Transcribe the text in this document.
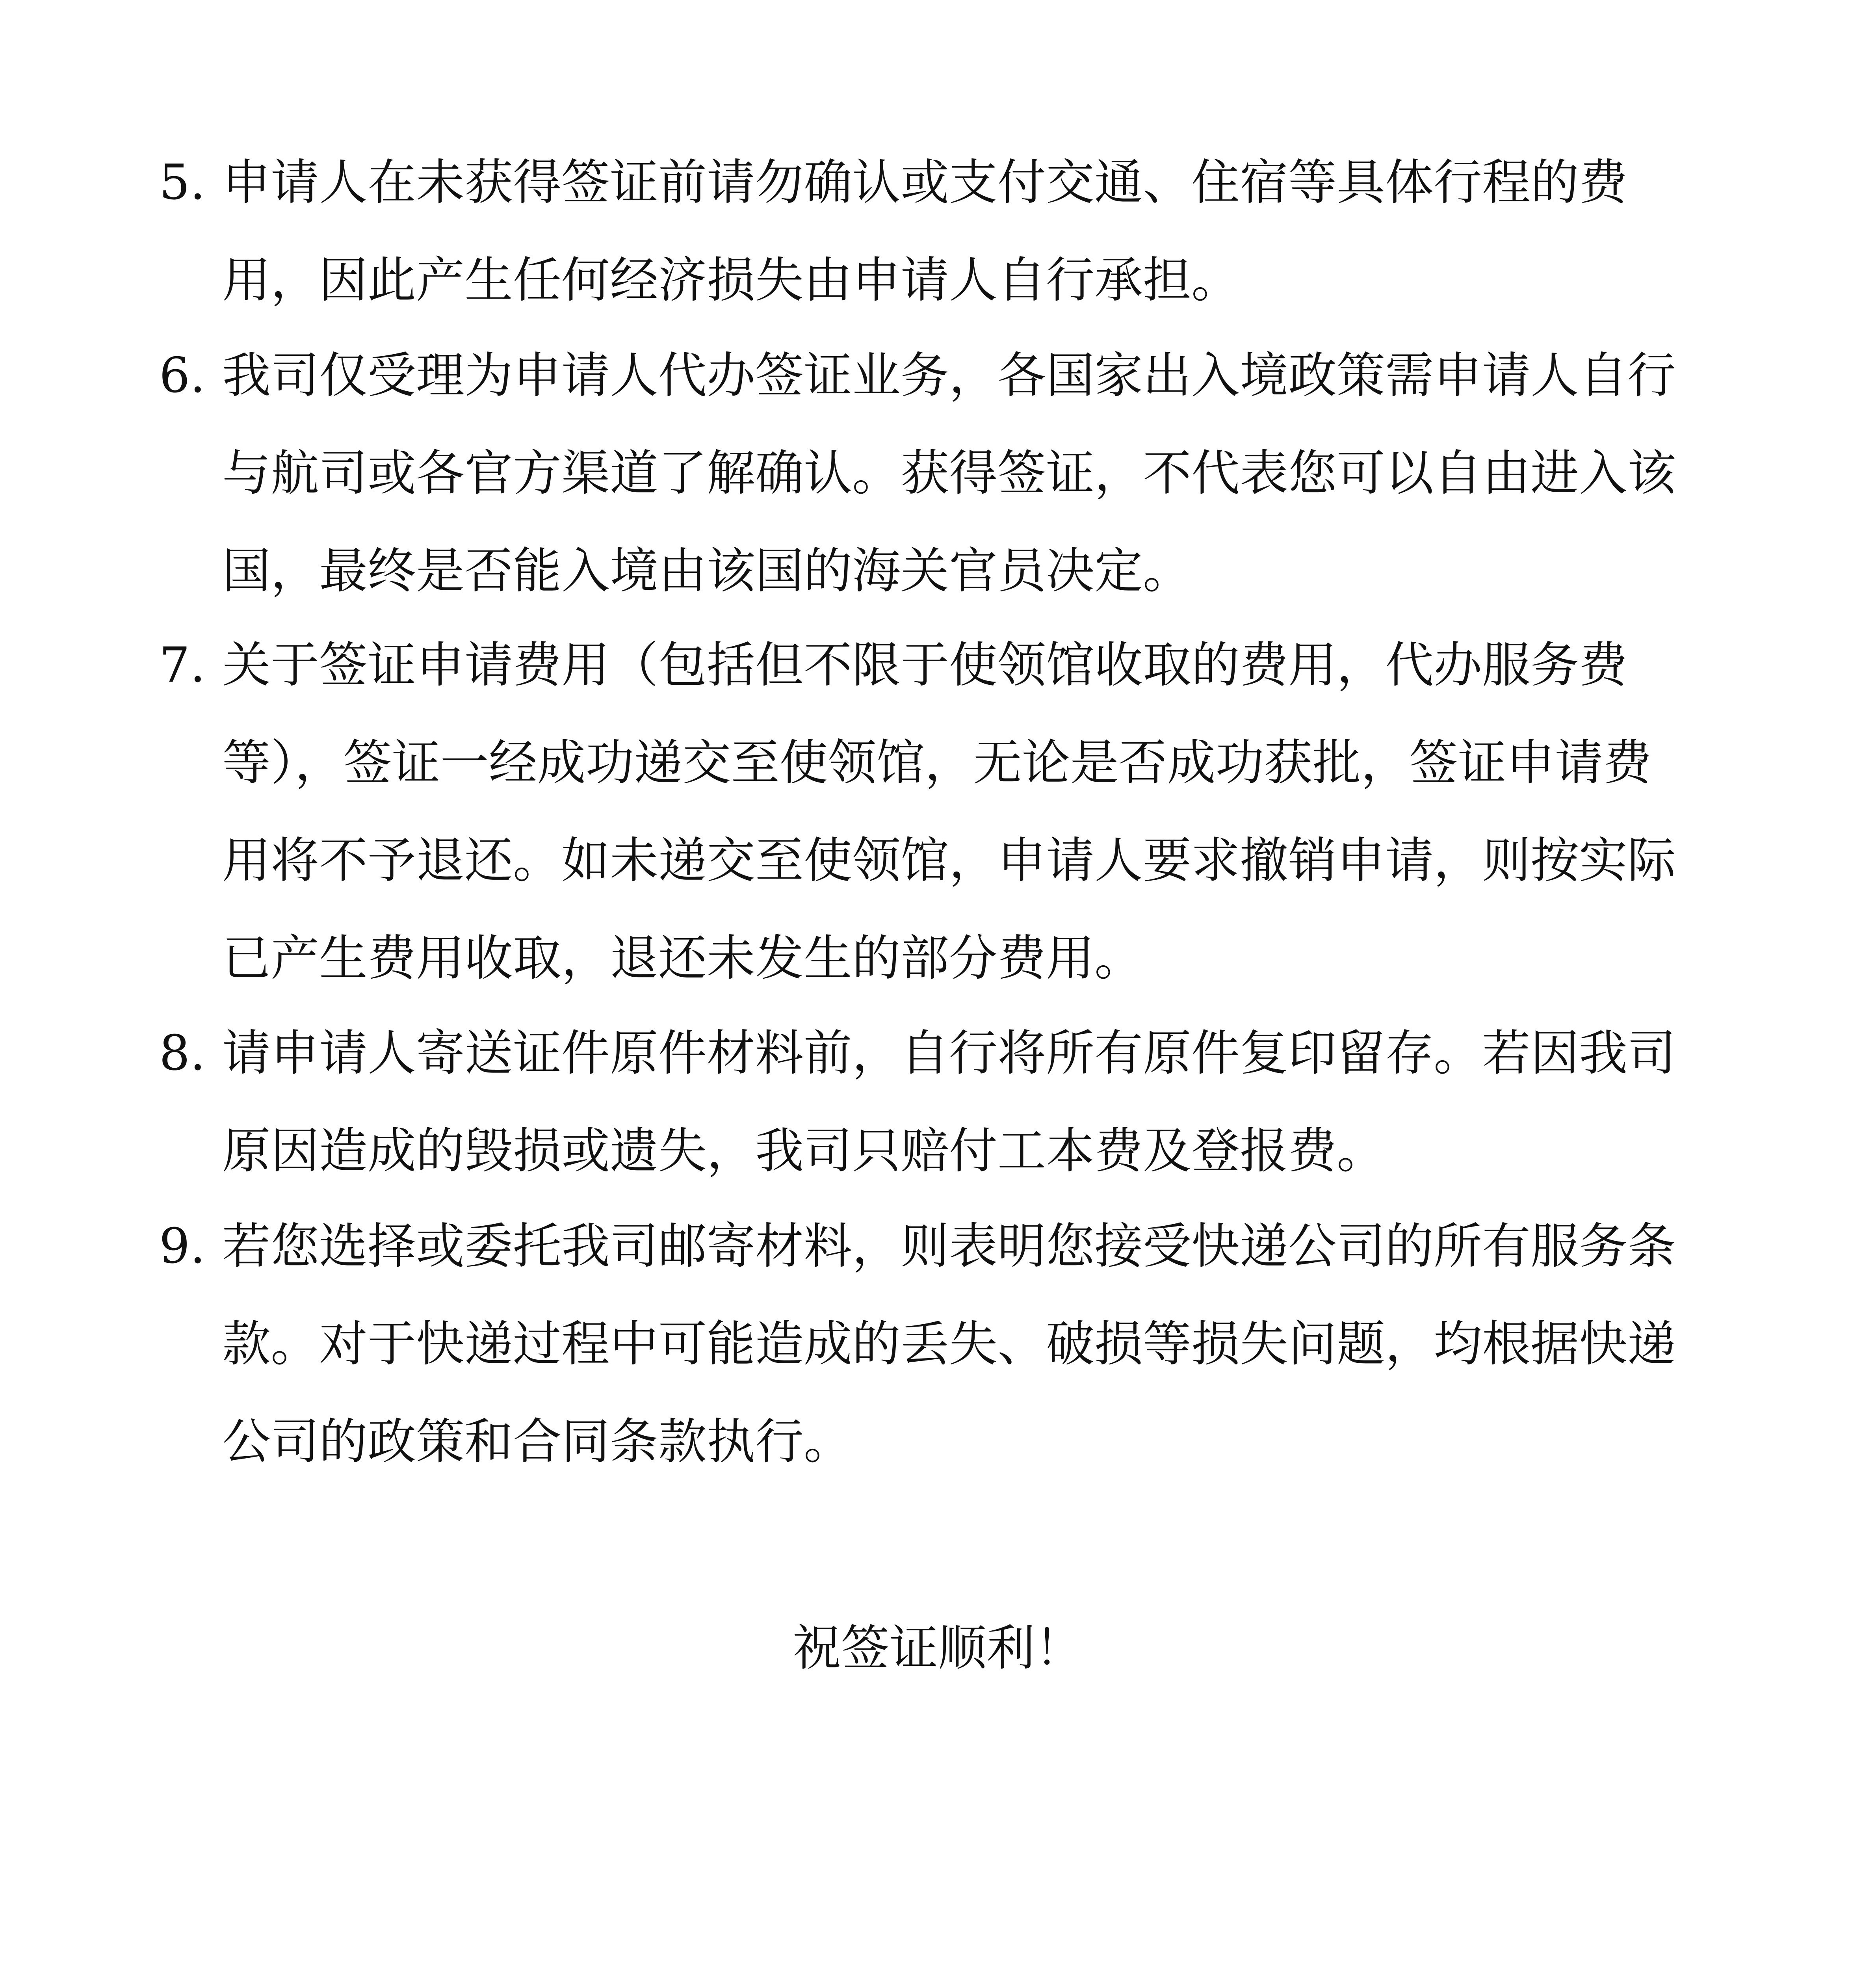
5. 申请人在未获得签证前请勿确认或支付交通、住宿等具体行程的费
用，因此产生任何经济损失由申请人自行承担。
6. 我司仅受理为申请人代办签证业务，各国家出入境政策需申请人自行
与航司或各官方渠道了解确认。获得签证，不代表您可以自由进入该
国，最终是否能入境由该国的海关官员决定。
7. 关于签证申请费用（包括但不限于使领馆收取的费用，代办服务费
等），签证一经成功递交至使领馆，无论是否成功获批，签证申请费
用将不予退还。如未递交至使领馆，申请人要求撤销申请，则按实际
已产生费用收取，退还未发生的部分费用。
8. 请申请人寄送证件原件材料前，自行将所有原件复印留存。若因我司
原因造成的毁损或遗失，我司只赔付工本费及登报费。
9. 若您选择或委托我司邮寄材料，则表明您接受快递公司的所有服务条
款。对于快递过程中可能造成的丢失、破损等损失问题，均根据快递
公司的政策和合同条款执行。
祝签证顺利！
